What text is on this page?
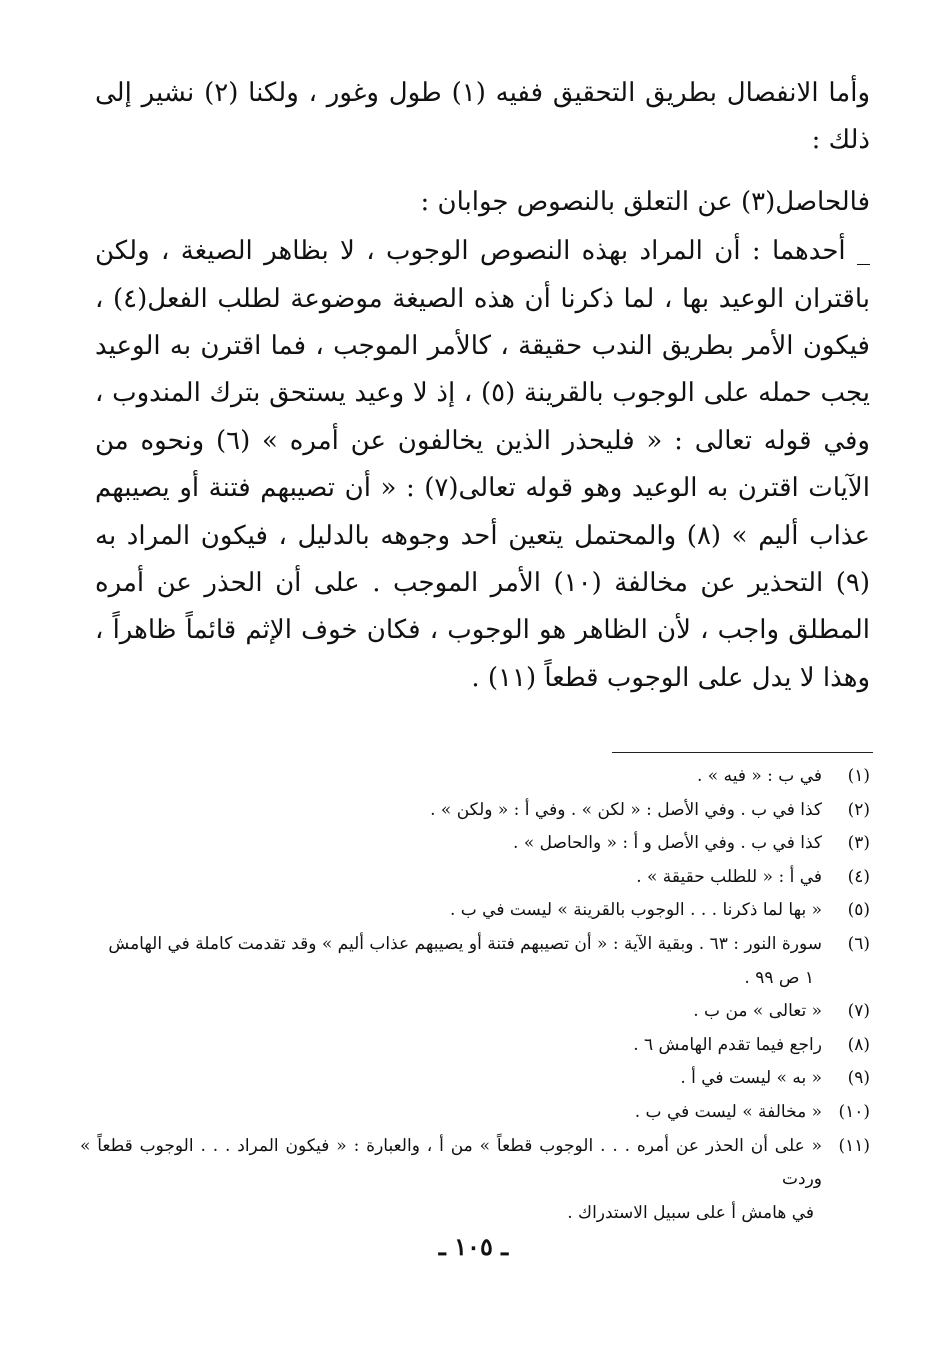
وأما الانفصال بطريق التحقيق ففيه (١) طول وغور ، ولكنا (٢) نشير إلى ذلك :

فالحاصل(٣) عن التعلق بالنصوص جوابان :

_ أحدهما : أن المراد بهذه النصوص الوجوب ، لا بظاهر الصيغة ، ولكن باقتران الوعيد بها ، لما ذكرنا أن هذه الصيغة موضوعة لطلب الفعل(٤) ، فيكون الأمر بطريق الندب حقيقة ، كالأمر الموجب ، فما اقترن به الوعيد يجب حمله على الوجوب بالقرينة (٥) ، إذ لا وعيد يستحق بترك المندوب ، وفي قوله تعالى : « فليحذر الذين يخالفون عن أمره » (٦) ونحوه من الآيات اقترن به الوعيد وهو قوله تعالى(٧) : « أن تصيبهم فتنة أو يصيبهم عذاب أليم » (٨) والمحتمل يتعين أحد وجوهه بالدليل ، فيكون المراد به (٩) التحذير عن مخالفة (١٠) الأمر الموجب . على أن الحذر عن أمره المطلق واجب ، لأن الظاهر هو الوجوب ، فكان خوف الإثم قائماً ظاهراً ، وهذا لا يدل على الوجوب قطعاً (١١) .

(١)
في ب : « فيه » .
(٢)
كذا في ب . وفي الأصل : « لكن » . وفي أ : « ولكن » .
(٣)
كذا في ب . وفي الأصل و أ : « والحاصل » .
(٤)
في أ : « للطلب حقيقة » .
(٥)
« بها لما ذكرنا . . . الوجوب بالقرينة » ليست في ب .
(٦)
سورة النور : ٦٣ . وبقية الآية : « أن تصيبهم فتنة أو يصيبهم عذاب أليم » وقد تقدمت كاملة في الهامش

١ ص ٩٩ .

(٧)
« تعالى » من ب .
(٨)
راجع فيما تقدم الهامش ٦ .
(٩)
« به » ليست في أ .
(١٠)
« مخالفة » ليست في ب .
(١١)
« على أن الحذر عن أمره . . . الوجوب قطعاً » من أ ، والعبارة : « فيكون المراد . . . الوجوب قطعاً » وردت

في هامش أ على سبيل الاستدراك .

ـ ١٠٥ ـ
